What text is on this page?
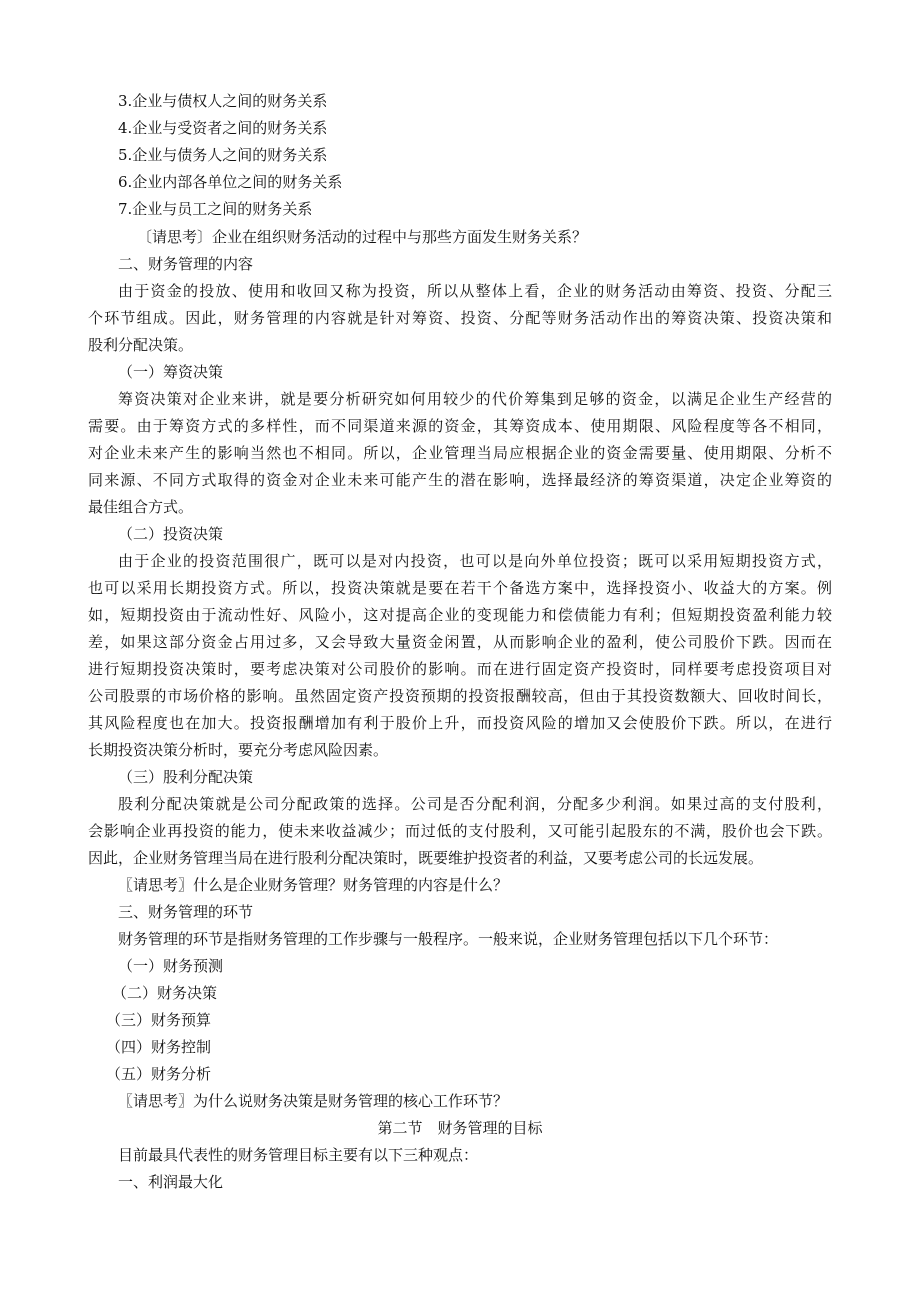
3.企业与债权人之间的财务关系
4.企业与受资者之间的财务关系
5.企业与债务人之间的财务关系
6.企业内部各单位之间的财务关系
7.企业与员工之间的财务关系
〔请思考〕企业在组织财务活动的过程中与那些方面发生财务关系？
二、财务管理的内容
由于资金的投放、使用和收回又称为投资，所以从整体上看，企业的财务活动由筹资、投资、分配三
个环节组成。因此，财务管理的内容就是针对筹资、投资、分配等财务活动作出的筹资决策、投资决策和
股利分配决策。
（一）筹资决策
筹资决策对企业来讲，就是要分析研究如何用较少的代价筹集到足够的资金，以满足企业生产经营的
需要。由于筹资方式的多样性，而不同渠道来源的资金，其筹资成本、使用期限、风险程度等各不相同，
对企业未来产生的影响当然也不相同。所以，企业管理当局应根据企业的资金需要量、使用期限、分析不
同来源、不同方式取得的资金对企业未来可能产生的潜在影响，选择最经济的筹资渠道，决定企业筹资的
最佳组合方式。
（二）投资决策
由于企业的投资范围很广，既可以是对内投资，也可以是向外单位投资；既可以采用短期投资方式，
也可以采用长期投资方式。所以，投资决策就是要在若干个备选方案中，选择投资小、收益大的方案。例
如，短期投资由于流动性好、风险小，这对提高企业的变现能力和偿债能力有利；但短期投资盈利能力较
差，如果这部分资金占用过多，又会导致大量资金闲置，从而影响企业的盈利，使公司股价下跌。因而在
进行短期投资决策时，要考虑决策对公司股价的影响。而在进行固定资产投资时，同样要考虑投资项目对
公司股票的市场价格的影响。虽然固定资产投资预期的投资报酬较高，但由于其投资数额大、回收时间长，
其风险程度也在加大。投资报酬增加有利于股价上升，而投资风险的增加又会使股价下跌。所以，在进行
长期投资决策分析时，要充分考虑风险因素。
（三）股利分配决策
股利分配决策就是公司分配政策的选择。公司是否分配利润，分配多少利润。如果过高的支付股利，
会影响企业再投资的能力，使未来收益减少；而过低的支付股利，又可能引起股东的不满，股价也会下跌。
因此，企业财务管理当局在进行股利分配决策时，既要维护投资者的利益，又要考虑公司的长远发展。
〖请思考〗什么是企业财务管理？财务管理的内容是什么？
三、财务管理的环节
财务管理的环节是指财务管理的工作步骤与一般程序。一般来说，企业财务管理包括以下几个环节：
（一）财务预测
（二）财务决策
（三）财务预算
（四）财务控制
（五）财务分析
〖请思考〗为什么说财务决策是财务管理的核心工作环节？
第二节　财务管理的目标
目前最具代表性的财务管理目标主要有以下三种观点：
一、利润最大化
